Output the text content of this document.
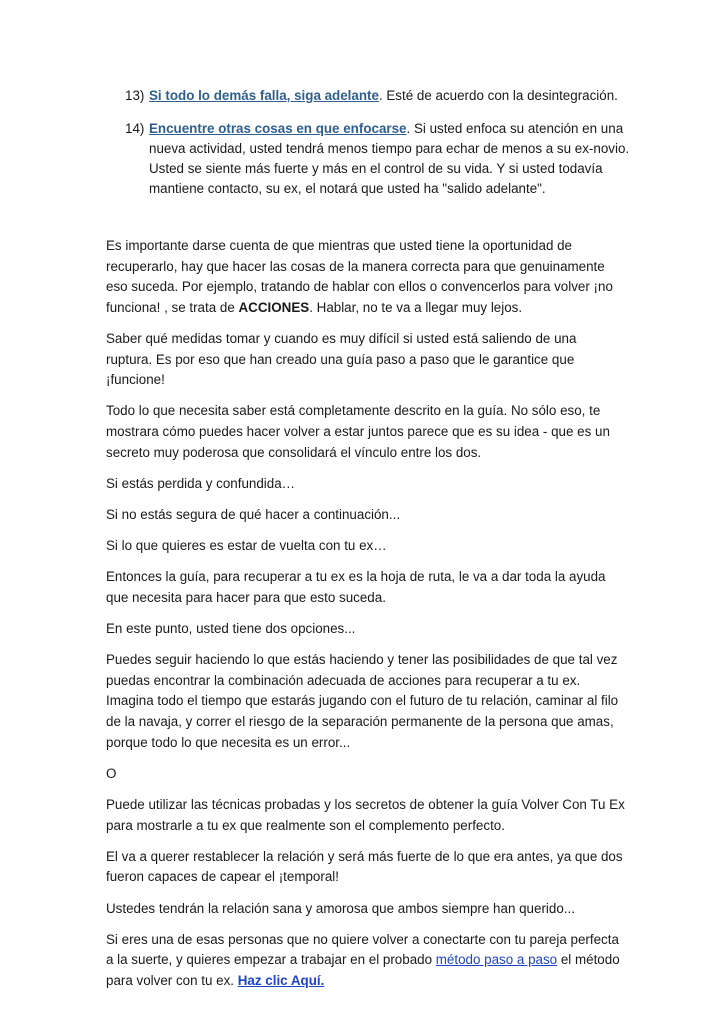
13) Si todo lo demás falla, siga adelante. Esté de acuerdo con la desintegración.
14) Encuentre otras cosas en que enfocarse. Si usted enfoca su atención en una nueva actividad, usted tendrá menos tiempo para echar de menos a su ex-novio. Usted se siente más fuerte y más en el control de su vida. Y si usted todavía mantiene contacto, su ex, el notará que usted ha "salido adelante".

Es importante darse cuenta de que mientras que usted tiene la oportunidad de recuperarlo, hay que hacer las cosas de la manera correcta para que genuinamente eso suceda. Por ejemplo, tratando de hablar con ellos o convencerlos para volver ¡no funciona! , se trata de ACCIONES. Hablar, no te va a llegar muy lejos.

Saber qué medidas tomar y cuando es muy difícil si usted está saliendo de una ruptura. Es por eso que han creado una guía paso a paso que le garantice que ¡funcione!

Todo lo que necesita saber está completamente descrito en la guía. No sólo eso, te mostrara cómo puedes hacer volver a estar juntos parece que es su idea - que es un secreto muy poderosa que consolidará el vínculo entre los dos.

Si estás perdida y confundida…

Si no estás segura de qué hacer a continuación...

Si lo que quieres es estar de vuelta con tu ex…

Entonces la guía, para recuperar a tu ex es la hoja de ruta, le va a dar toda la ayuda que necesita para hacer para que esto suceda.

En este punto, usted tiene dos opciones...

Puedes seguir haciendo lo que estás haciendo y tener las posibilidades de que tal vez puedas encontrar la combinación adecuada de acciones para recuperar a tu ex. Imagina todo el tiempo que estarás jugando con el futuro de tu relación, caminar al filo de la navaja, y correr el riesgo de la separación permanente de la persona que amas, porque todo lo que necesita es un error...

O

Puede utilizar las técnicas probadas y los secretos de obtener la guía Volver Con Tu Ex para mostrarle a tu ex que realmente son el complemento perfecto.

El va a querer restablecer la relación y será más fuerte de lo que era antes, ya que dos fueron capaces de capear el ¡temporal!

Ustedes tendrán la relación sana y amorosa que ambos siempre han querido...

Si eres una de esas personas que no quiere volver a conectarte con tu pareja perfecta a la suerte, y quieres empezar a trabajar en el probado método paso a paso el método para volver con tu ex. Haz clic Aquí.
